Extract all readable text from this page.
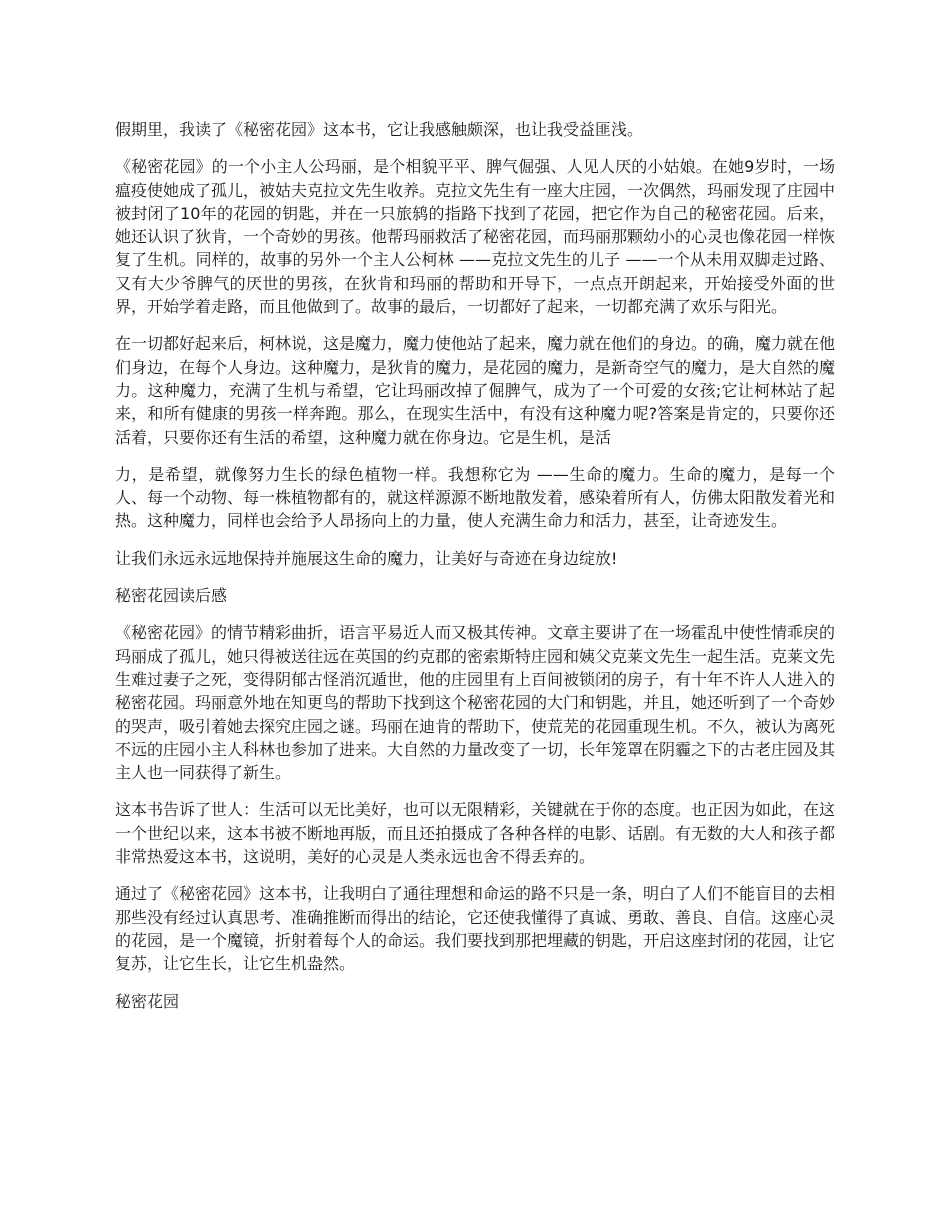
假期里，我读了《秘密花园》这本书，它让我感触颇深，也让我受益匪浅。

《秘密花园》的一个小主人公玛丽，是个相貌平平、脾气倔强、人见人厌的小姑娘。在她9岁时，一场瘟疫使她成了孤儿，被姑夫克拉文先生收养。克拉文先生有一座大庄园，一次偶然，玛丽发现了庄园中被封闭了10年的花园的钥匙，并在一只旅鸫的指路下找到了花园，把它作为自己的秘密花园。后来，她还认识了狄肯，一个奇妙的男孩。他帮玛丽救活了秘密花园，而玛丽那颗幼小的心灵也像花园一样恢复了生机。同样的，故事的另外一个主人公柯林 ——克拉文先生的儿子 ——一个从未用双脚走过路、又有大少爷脾气的厌世的男孩，在狄肯和玛丽的帮助和开导下，一点点开朗起来，开始接受外面的世界，开始学着走路，而且他做到了。故事的最后，一切都好了起来，一切都充满了欢乐与阳光。

在一切都好起来后，柯林说，这是魔力，魔力使他站了起来，魔力就在他们的身边。的确，魔力就在他们身边，在每个人身边。这种魔力，是狄肯的魔力，是花园的魔力，是新奇空气的魔力，是大自然的魔力。这种魔力，充满了生机与希望，它让玛丽改掉了倔脾气，成为了一个可爱的女孩;它让柯林站了起来，和所有健康的男孩一样奔跑。那么，在现实生活中，有没有这种魔力呢?答案是肯定的，只要你还活着，只要你还有生活的希望，这种魔力就在你身边。它是生机，是活

力，是希望，就像努力生长的绿色植物一样。我想称它为 ——生命的魔力。生命的魔力，是每一个人、每一个动物、每一株植物都有的，就这样源源不断地散发着，感染着所有人，仿佛太阳散发着光和热。这种魔力，同样也会给予人昂扬向上的力量，使人充满生命力和活力，甚至，让奇迹发生。

让我们永远永远地保持并施展这生命的魔力，让美好与奇迹在身边绽放!

秘密花园读后感

《秘密花园》的情节精彩曲折，语言平易近人而又极其传神。文章主要讲了在一场霍乱中使性情乖戾的玛丽成了孤儿，她只得被送往远在英国的约克郡的密索斯特庄园和姨父克莱文先生一起生活。克莱文先生难过妻子之死，变得阴郁古怪消沉遁世，他的庄园里有上百间被锁闭的房子，有十年不许人人进入的秘密花园。玛丽意外地在知更鸟的帮助下找到这个秘密花园的大门和钥匙，并且，她还听到了一个奇妙的哭声，吸引着她去探究庄园之谜。玛丽在迪肯的帮助下，使荒芜的花园重现生机。不久，被认为离死不远的庄园小主人科林也参加了进来。大自然的力量改变了一切，长年笼罩在阴霾之下的古老庄园及其主人也一同获得了新生。

这本书告诉了世人：生活可以无比美好，也可以无限精彩，关键就在于你的态度。也正因为如此，在这一个世纪以来，这本书被不断地再版，而且还拍摄成了各种各样的电影、话剧。有无数的大人和孩子都非常热爱这本书，这说明，美好的心灵是人类永远也舍不得丢弃的。

通过了《秘密花园》这本书，让我明白了通往理想和命运的路不只是一条，明白了人们不能盲目的去相那些没有经过认真思考、准确推断而得出的结论，它还使我懂得了真诚、勇敢、善良、自信。这座心灵的花园，是一个魔镜，折射着每个人的命运。我们要找到那把埋藏的钥匙，开启这座封闭的花园，让它复苏，让它生长，让它生机盎然。

秘密花园
